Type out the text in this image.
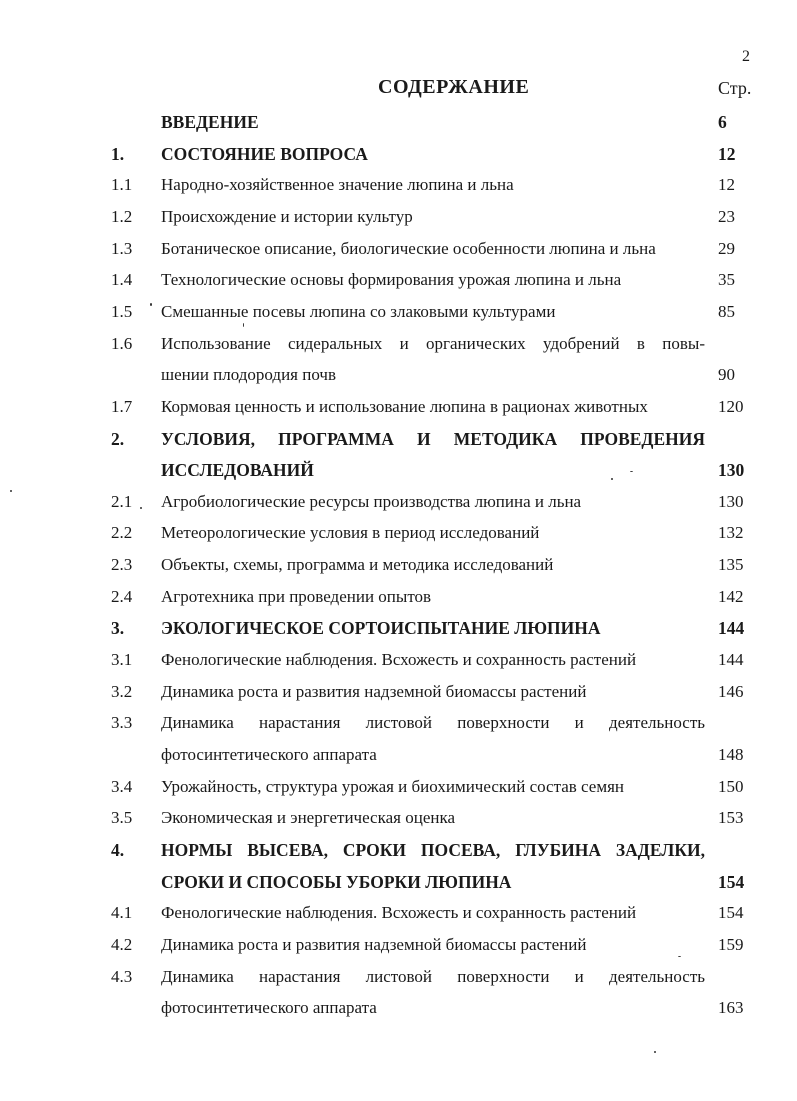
2
СОДЕРЖАНИЕ	Стр.
ВВЕДЕНИЕ	6
1. СОСТОЯНИЕ ВОПРОСА	12
1.1 Народно-хозяйственное значение люпина и льна	12
1.2 Происхождение и истории культур	23
1.3 Ботаническое описание, биологические особенности люпина и льна	29
1.4 Технологические основы формирования урожая люпина и льна	35
1.5 Смешанные посевы люпина со злаковыми культурами	85
1.6 Использование сидеральных и органических удобрений в повы-
шении плодородия почв	90
1.7 Кормовая ценность и использование люпина в рационах животных	120
2. УСЛОВИЯ, ПРОГРАММА И МЕТОДИКА ПРОВЕДЕНИЯ
ИССЛЕДОВАНИЙ	130
2.1 Агробиологические ресурсы производства люпина и льна	130
2.2 Метеорологические условия в период исследований	132
2.3 Объекты, схемы, программа и методика исследований	135
2.4 Агротехника при проведении опытов	142
3. ЭКОЛОГИЧЕСКОЕ СОРТОИСПЫТАНИЕ ЛЮПИНА	144
3.1 Фенологические наблюдения. Всхожесть и сохранность растений	144
3.2 Динамика роста и развития надземной биомассы растений	146
3.3 Динамика нарастания листовой поверхности и деятельность
фотосинтетического аппарата	148
3.4 Урожайность, структура урожая и биохимический состав семян	150
3.5 Экономическая и энергетическая оценка	153
4. НОРМЫ ВЫСЕВА, СРОКИ ПОСЕВА, ГЛУБИНА ЗАДЕЛКИ,
СРОКИ И СПОСОБЫ УБОРКИ ЛЮПИНА	154
4.1 Фенологические наблюдения. Всхожесть и сохранность растений	154
4.2 Динамика роста и развития надземной биомассы растений	159
4.3 Динамика нарастания листовой поверхности и деятельность
фотосинтетического аппарата	163
